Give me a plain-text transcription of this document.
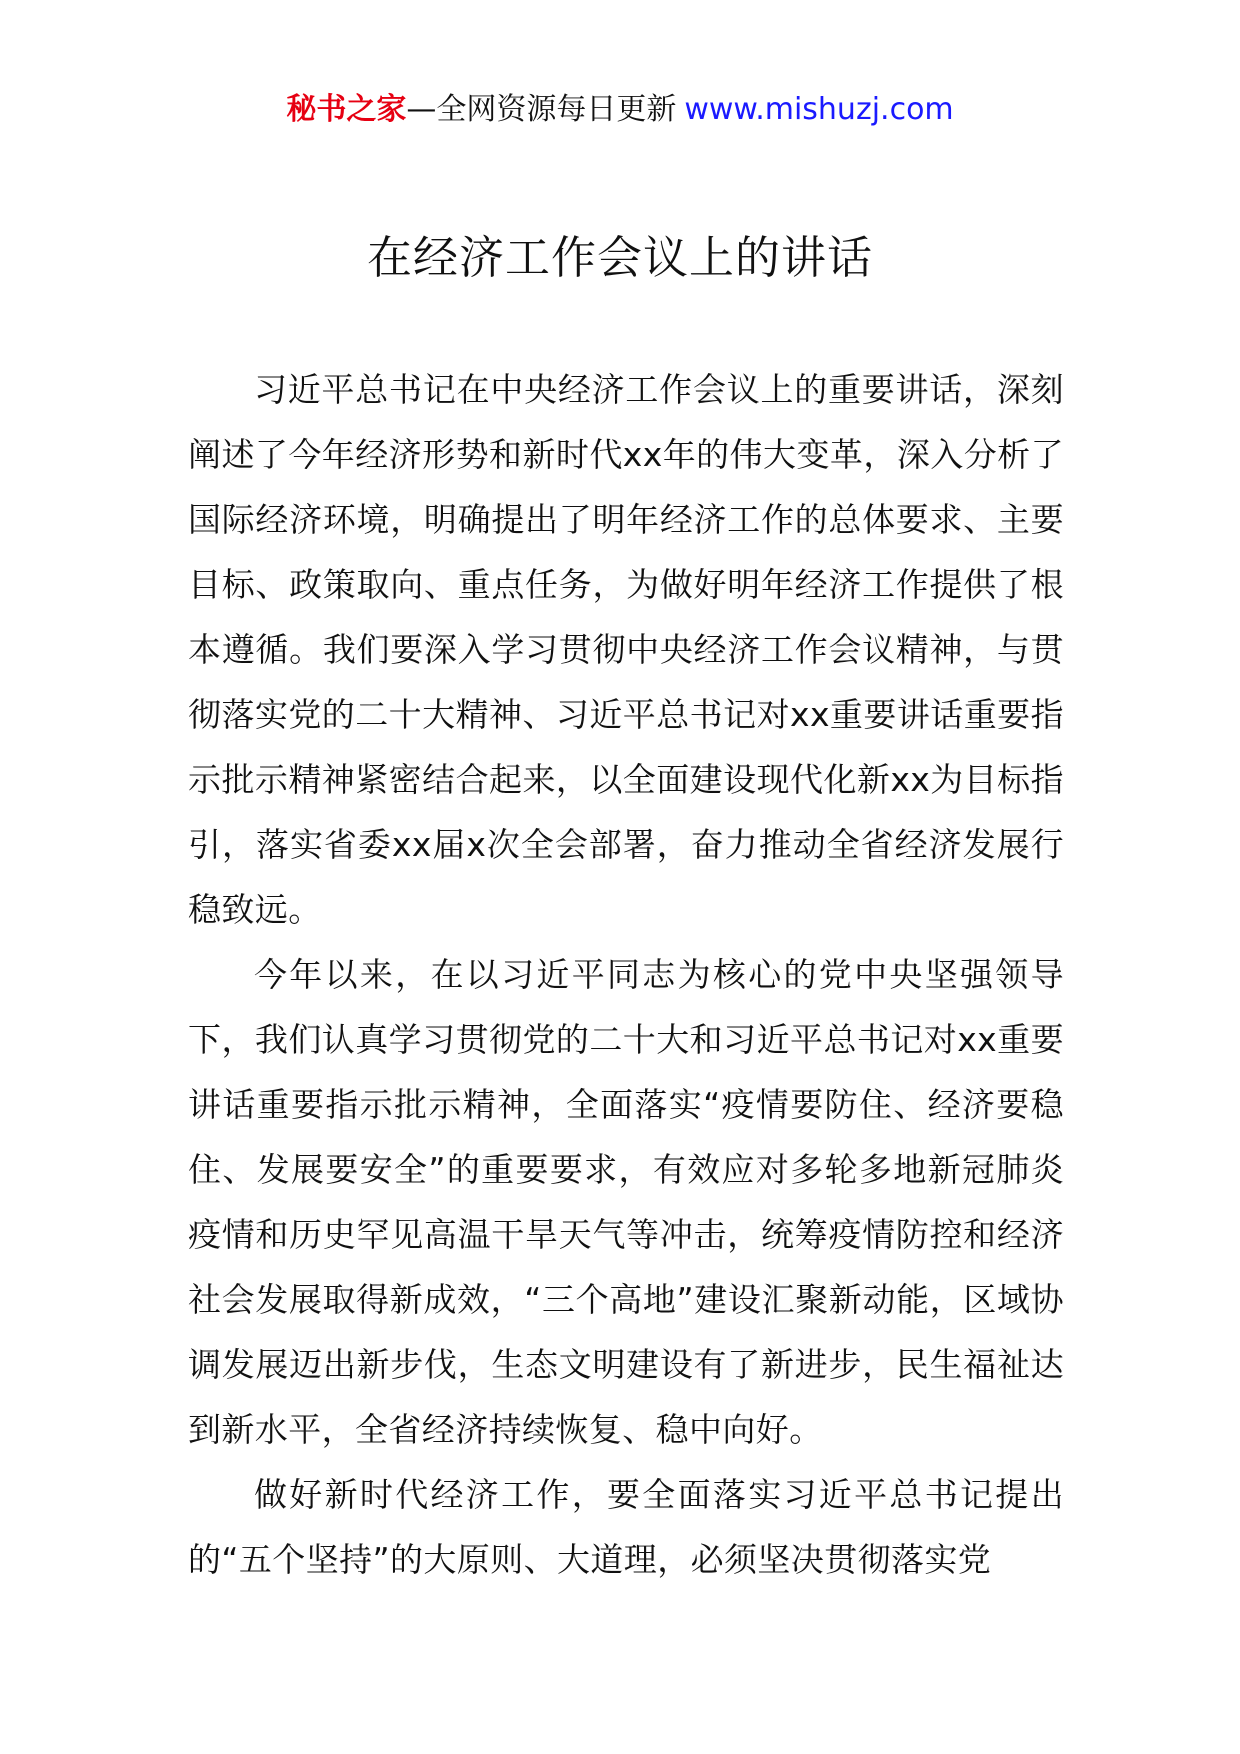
秘书之家—全网资源每日更新 www.mishuzj.com
在经济工作会议上的讲话

习近平总书记在中央经济工作会议上的重要讲话，深刻阐述了今年经济形势和新时代xx年的伟大变革，深入分析了国际经济环境，明确提出了明年经济工作的总体要求、主要目标、政策取向、重点任务，为做好明年经济工作提供了根本遵循。我们要深入学习贯彻中央经济工作会议精神，与贯彻落实党的二十大精神、习近平总书记对xx重要讲话重要指示批示精神紧密结合起来，以全面建设现代化新xx为目标指引，落实省委xx届x次全会部署，奋力推动全省经济发展行稳致远。

今年以来，在以习近平同志为核心的党中央坚强领导下，我们认真学习贯彻党的二十大和习近平总书记对xx重要讲话重要指示批示精神，全面落实“疫情要防住、经济要稳住、发展要安全”的重要要求，有效应对多轮多地新冠肺炎疫情和历史罕见高温干旱天气等冲击，统筹疫情防控和经济社会发展取得新成效，“三个高地”建设汇聚新动能，区域协调发展迈出新步伐，生态文明建设有了新进步，民生福祉达到新水平，全省经济持续恢复、稳中向好。

做好新时代经济工作，要全面落实习近平总书记提出的“五个坚持”的大原则、大道理，必须坚决贯彻落实党
